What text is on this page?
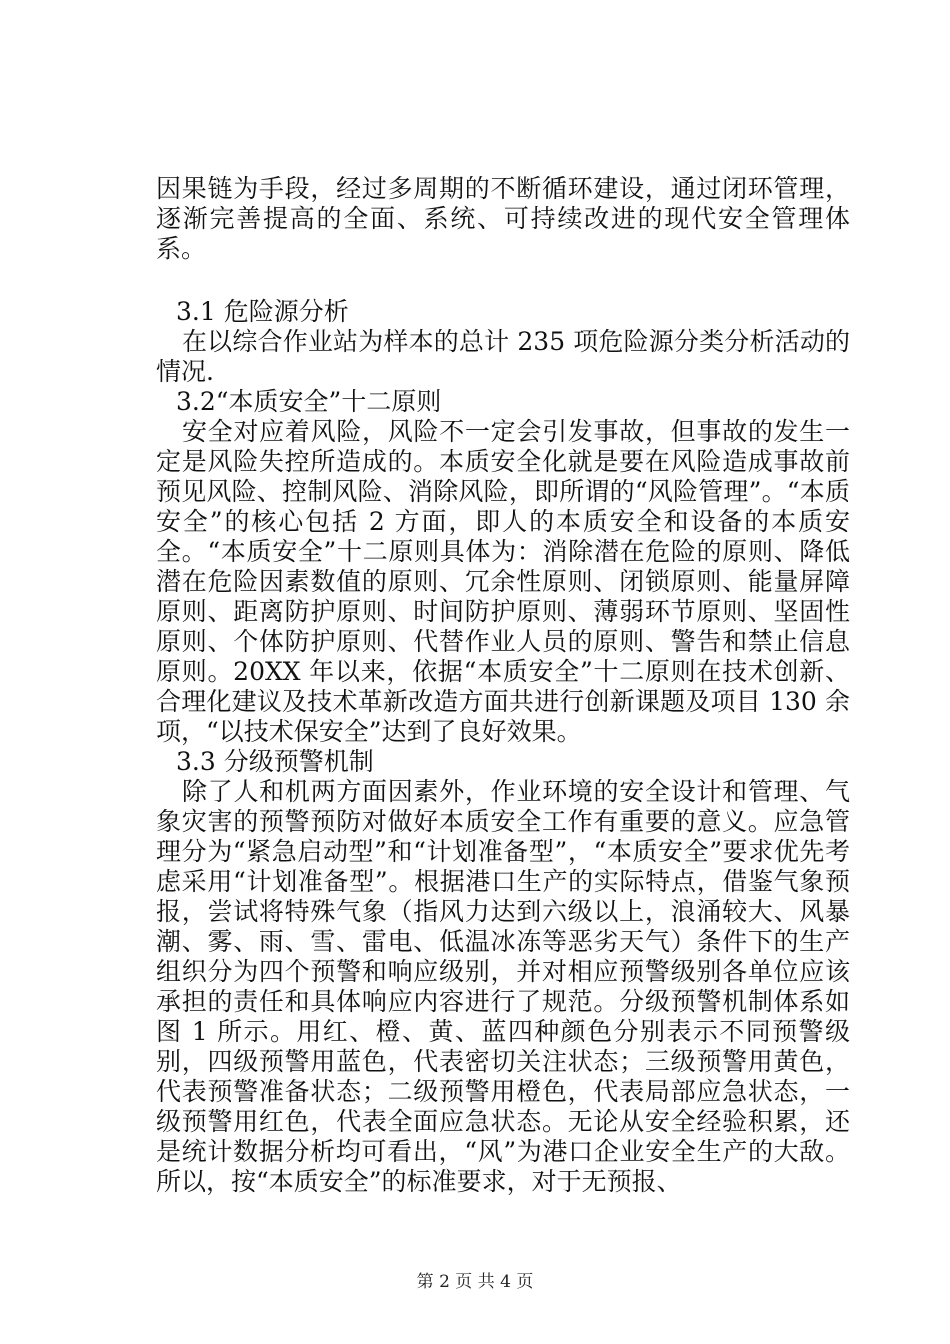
因果链为手段，经过多周期的不断循环建设，通过闭环管理，逐渐完善提高的全面、系统、可持续改进的现代安全管理体系。

3.1 危险源分析

在以综合作业站为样本的总计 235 项危险源分类分析活动的情况.

3.2“本质安全”十二原则

安全对应着风险，风险不一定会引发事故，但事故的发生一定是风险失控所造成的。本质安全化就是要在风险造成事故前预见风险、控制风险、消除风险，即所谓的“风险管理”。“本质安全”的核心包括 2 方面，即人的本质安全和设备的本质安全。“本质安全”十二原则具体为：消除潜在危险的原则、降低潜在危险因素数值的原则、冗余性原则、闭锁原则、能量屏障原则、距离防护原则、时间防护原则、薄弱环节原则、坚固性原则、个体防护原则、代替作业人员的原则、警告和禁止信息原则。20XX 年以来，依据“本质安全”十二原则在技术创新、合理化建议及技术革新改造方面共进行创新课题及项目 130 余项，“以技术保安全”达到了良好效果。

3.3 分级预警机制

除了人和机两方面因素外，作业环境的安全设计和管理、气象灾害的预警预防对做好本质安全工作有重要的意义。应急管理分为“紧急启动型”和“计划准备型”，“本质安全”要求优先考虑采用“计划准备型”。根据港口生产的实际特点，借鉴气象预报，尝试将特殊气象（指风力达到六级以上，浪涌较大、风暴潮、雾、雨、雪、雷电、低温冰冻等恶劣天气）条件下的生产组织分为四个预警和响应级别，并对相应预警级别各单位应该承担的责任和具体响应内容进行了规范。分级预警机制体系如图 1 所示。用红、橙、黄、蓝四种颜色分别表示不同预警级别，四级预警用蓝色，代表密切关注状态；三级预警用黄色，代表预警准备状态；二级预警用橙色，代表局部应急状态，一级预警用红色，代表全面应急状态。无论从安全经验积累，还是统计数据分析均可看出，“风”为港口企业安全生产的大敌。所以，按“本质安全”的标准要求，对于无预报、

第 2 页 共 4 页
